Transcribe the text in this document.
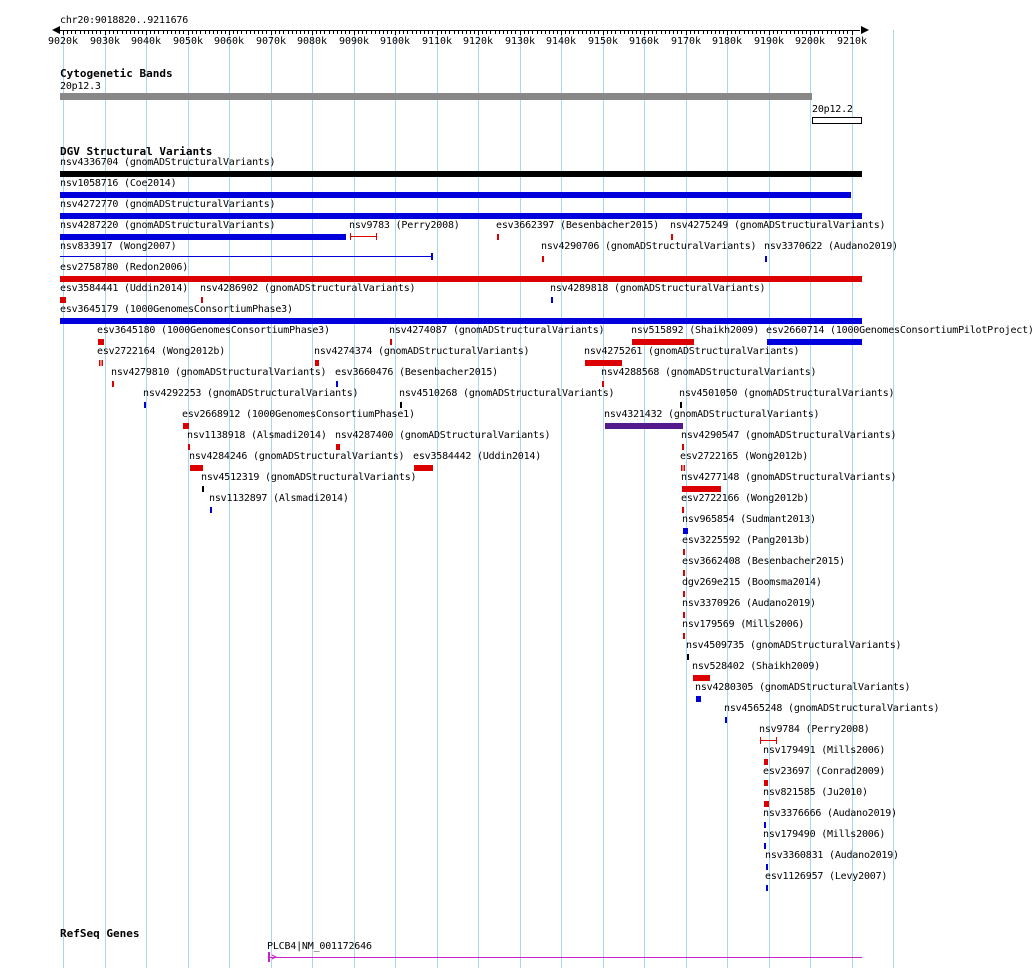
chr20:9018820..9211676
9020k 9030k 9040k 9050k 9060k 9070k 9080k 9090k 9100k 9110k 9120k 9130k 9140k 9150k 9160k 9170k 9180k 9190k 9200k 9210k
Cytogenetic Bands
20p12.3
20p12.2
DGV Structural Variants
nsv4336704 (gnomADStructuralVariants)
nsv1058716 (Coe2014)
nsv4272770 (gnomADStructuralVariants)
nsv4287220 (gnomADStructuralVariants)	nsv9783 (Perry2008)	esv3662397 (Besenbacher2015) nsv4275249 (gnomADStructuralVariants)
nsv833917 (Wong2007)	nsv4290706 (gnomADStructuralVariants) nsv3370622 (Audano2019)
esv2758780 (Redon2006)
esv3584441 (Uddin2014) nsv4286902 (gnomADStructuralVariants)	nsv4289818 (gnomADStructuralVariants)
esv3645179 (1000GenomesConsortiumPhase3)
esv3645180 (1000GenomesConsortiumPhase3)	nsv4274087 (gnomADStructuralVariants)	nsv515892 (Shaikh2009) esv2660714 (1000GenomesConsortiumPilotProject)
esv2722164 (Wong2012b)	nsv4274374 (gnomADStructuralVariants)	nsv4275261 (gnomADStructuralVariants)
nsv4279810 (gnomADStructuralVariants) esv3660476 (Besenbacher2015)	nsv4288568 (gnomADStructuralVariants)
nsv4292253 (gnomADStructuralVariants)	nsv4510268 (gnomADStructuralVariants)	nsv4501050 (gnomADStructuralVariants)
esv2668912 (1000GenomesConsortiumPhase1)	nsv4321432 (gnomADStructuralVariants)
nsv1138918 (Alsmadi2014) nsv4287400 (gnomADStructuralVariants)	nsv4290547 (gnomADStructuralVariants)
nsv4284246 (gnomADStructuralVariants) esv3584442 (Uddin2014)	esv2722165 (Wong2012b)
nsv4512319 (gnomADStructuralVariants)	nsv4277148 (gnomADStructuralVariants)
nsv1132897 (Alsmadi2014)	esv2722166 (Wong2012b)
nsv965854 (Sudmant2013)
esv3225592 (Pang2013b)
esv3662408 (Besenbacher2015)
dgv269e215 (Boomsma2014)
nsv3370926 (Audano2019)
nsv179569 (Mills2006)
nsv4509735 (gnomADStructuralVariants)
nsv528402 (Shaikh2009)
nsv4280305 (gnomADStructuralVariants)
nsv4565248 (gnomADStructuralVariants)
nsv9784 (Perry2008)
nsv179491 (Mills2006)
esv23697 (Conrad2009)
nsv821585 (Ju2010)
nsv3376666 (Audano2019)
nsv179490 (Mills2006)
nsv3360831 (Audano2019)
esv1126957 (Levy2007)
RefSeq Genes
PLCB4|NM_001172646
